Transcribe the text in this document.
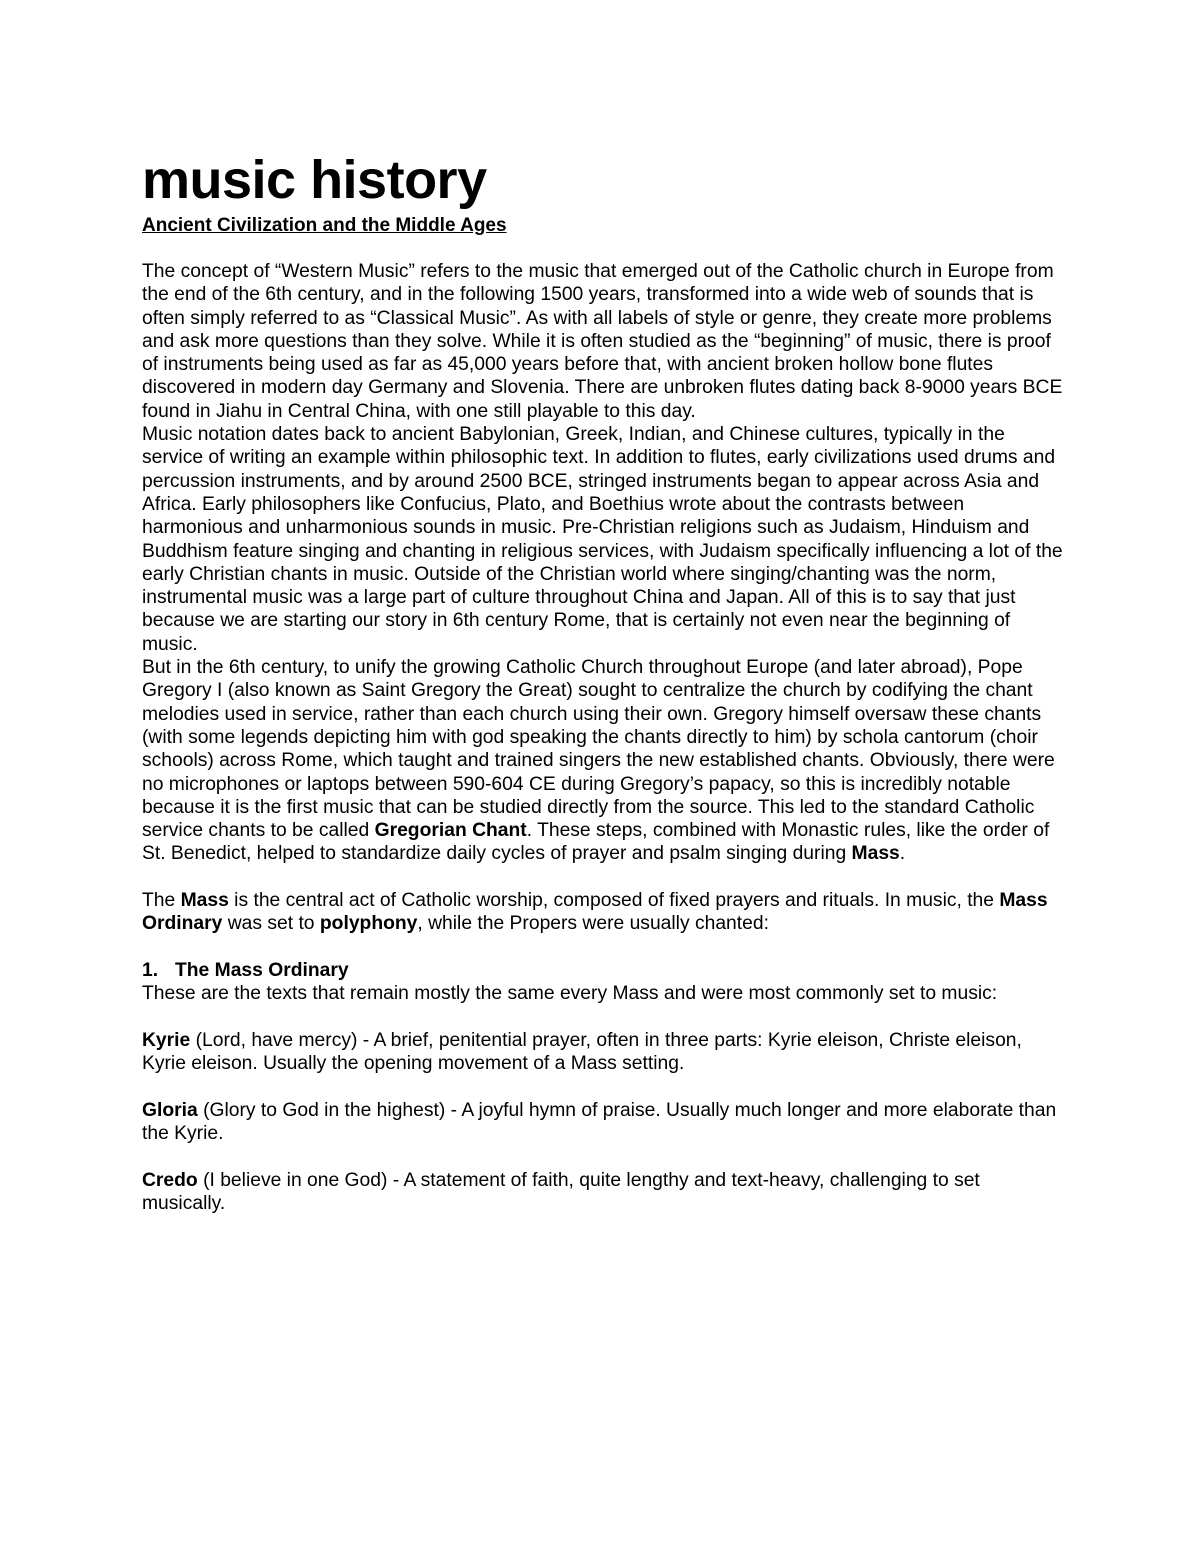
music history

Ancient Civilization and the Middle Ages

The concept of “Western Music” refers to the music that emerged out of the Catholic church in Europe from the end of the 6th century, and in the following 1500 years, transformed into a wide web of sounds that is often simply referred to as “Classical Music”. As with all labels of style or genre, they create more problems and ask more questions than they solve. While it is often studied as the “beginning” of music, there is proof of instruments being used as far as 45,000 years before that, with ancient broken hollow bone flutes discovered in modern day Germany and Slovenia. There are unbroken flutes dating back 8-9000 years BCE found in Jiahu in Central China, with one still playable to this day.

Music notation dates back to ancient Babylonian, Greek, Indian, and Chinese cultures, typically in the service of writing an example within philosophic text. In addition to flutes, early civilizations used drums and percussion instruments, and by around 2500 BCE, stringed instruments began to appear across Asia and Africa. Early philosophers like Confucius, Plato, and Boethius wrote about the contrasts between harmonious and unharmonious sounds in music. Pre-Christian religions such as Judaism, Hinduism and Buddhism feature singing and chanting in religious services, with Judaism specifically influencing a lot of the early Christian chants in music. Outside of the Christian world where singing/chanting was the norm, instrumental music was a large part of culture throughout China and Japan. All of this is to say that just because we are starting our story in 6th century Rome, that is certainly not even near the beginning of music.

But in the 6th century, to unify the growing Catholic Church throughout Europe (and later abroad), Pope Gregory I (also known as Saint Gregory the Great) sought to centralize the church by codifying the chant melodies used in service, rather than each church using their own. Gregory himself oversaw these chants (with some legends depicting him with god speaking the chants directly to him) by schola cantorum (choir schools) across Rome, which taught and trained singers the new established chants. Obviously, there were no microphones or laptops between 590-604 CE during Gregory’s papacy, so this is incredibly notable because it is the first music that can be studied directly from the source. This led to the standard Catholic service chants to be called Gregorian Chant. These steps, combined with Monastic rules, like the order of St. Benedict, helped to standardize daily cycles of prayer and psalm singing during Mass.

The Mass is the central act of Catholic worship, composed of fixed prayers and rituals. In music, the Mass Ordinary was set to polyphony, while the Propers were usually chanted:

1. The Mass Ordinary

These are the texts that remain mostly the same every Mass and were most commonly set to music:

Kyrie (Lord, have mercy) - A brief, penitential prayer, often in three parts: Kyrie eleison, Christe eleison, Kyrie eleison. Usually the opening movement of a Mass setting.

Gloria (Glory to God in the highest) - A joyful hymn of praise. Usually much longer and more elaborate than the Kyrie.

Credo (I believe in one God) - A statement of faith, quite lengthy and text-heavy, challenging to set musically.
